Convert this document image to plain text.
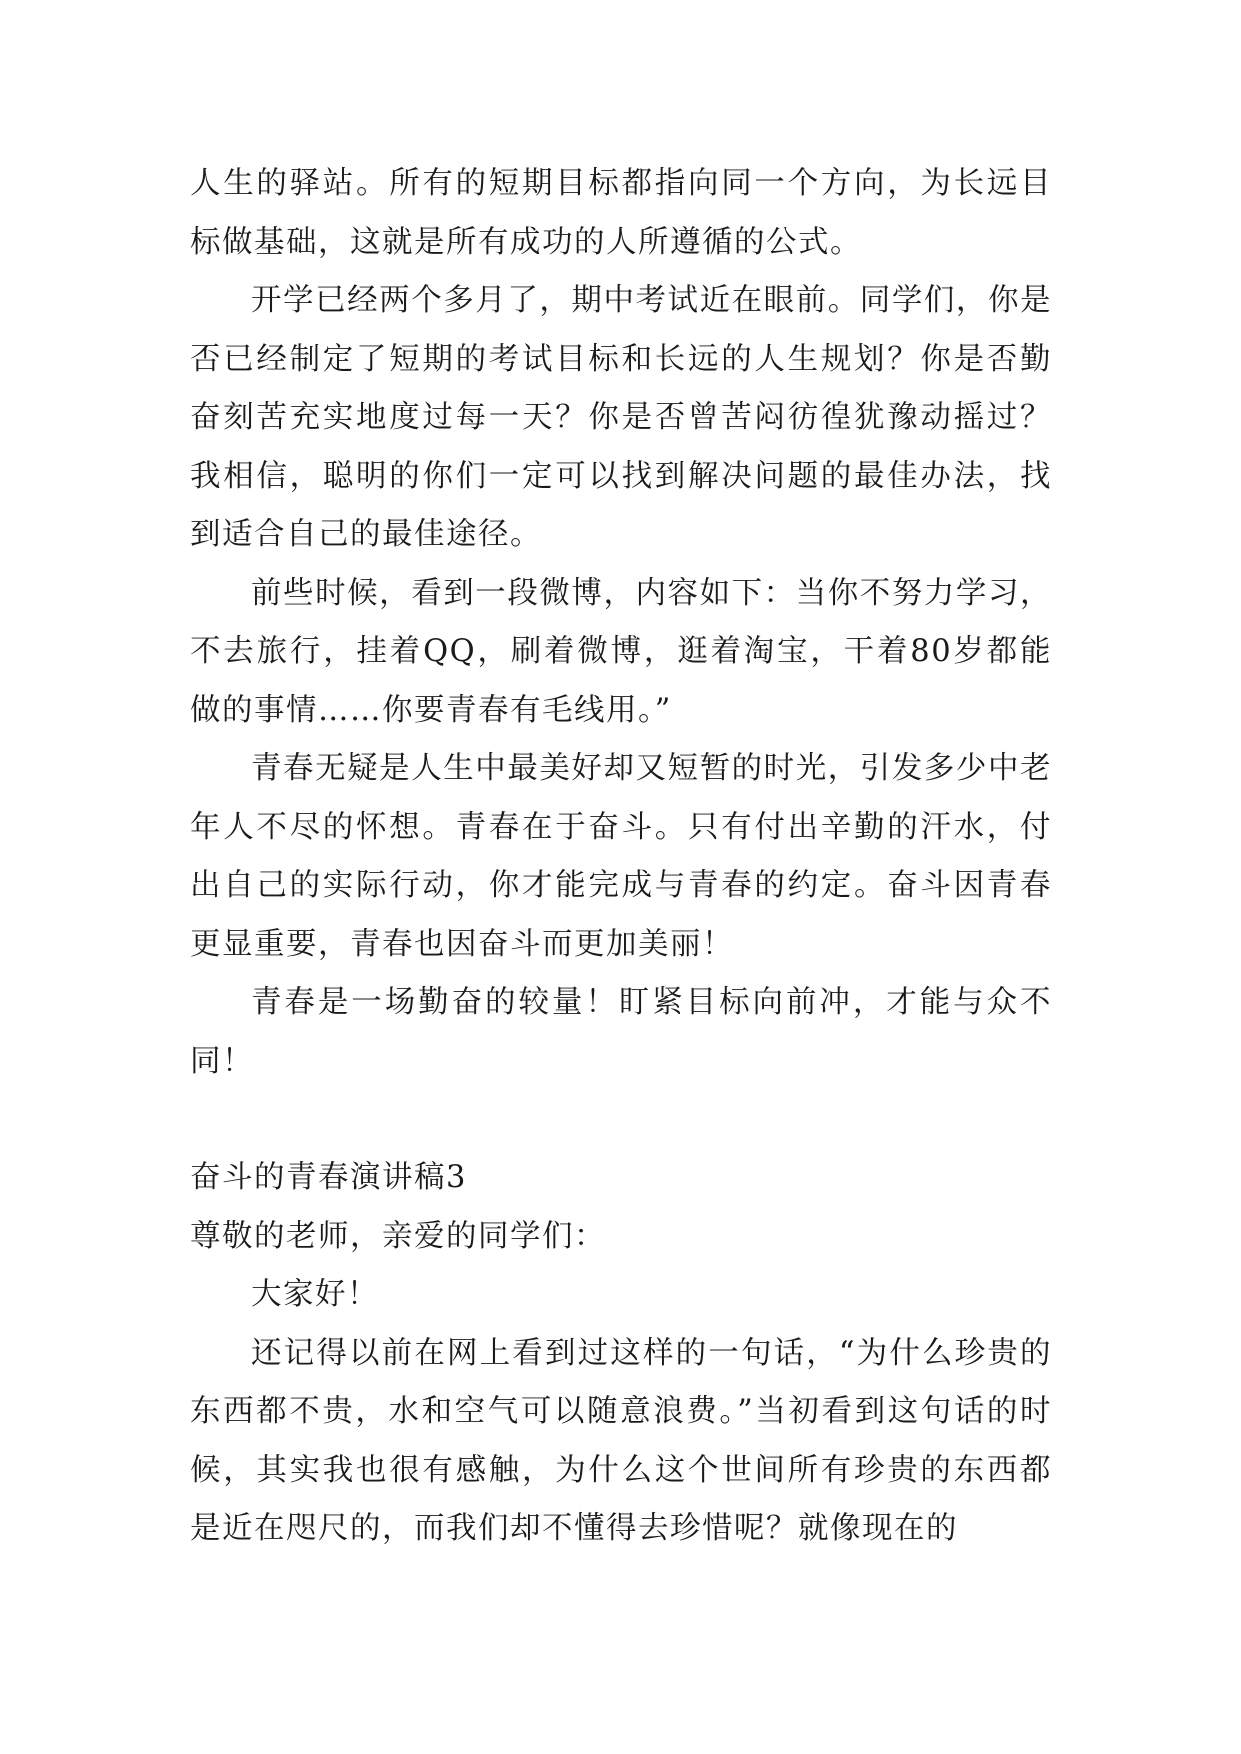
人生的驿站。所有的短期目标都指向同一个方向，为长远目标做基础，这就是所有成功的人所遵循的公式。

开学已经两个多月了，期中考试近在眼前。同学们，你是否已经制定了短期的考试目标和长远的人生规划？你是否勤奋刻苦充实地度过每一天？你是否曾苦闷彷徨犹豫动摇过？我相信，聪明的你们一定可以找到解决问题的最佳办法，找到适合自己的最佳途径。

前些时候，看到一段微博，内容如下：当你不努力学习，不去旅行，挂着QQ，刷着微博，逛着淘宝，干着80岁都能做的事情……你要青春有毛线用。”

青春无疑是人生中最美好却又短暂的时光，引发多少中老年人不尽的怀想。青春在于奋斗。只有付出辛勤的汗水，付出自己的实际行动，你才能完成与青春的约定。奋斗因青春更显重要，青春也因奋斗而更加美丽！

青春是一场勤奋的较量！盯紧目标向前冲，才能与众不同！

奋斗的青春演讲稿3

尊敬的老师，亲爱的同学们：

大家好！

还记得以前在网上看到过这样的一句话，“为什么珍贵的东西都不贵，水和空气可以随意浪费。”当初看到这句话的时候，其实我也很有感触，为什么这个世间所有珍贵的东西都是近在咫尺的，而我们却不懂得去珍惜呢？就像现在的
